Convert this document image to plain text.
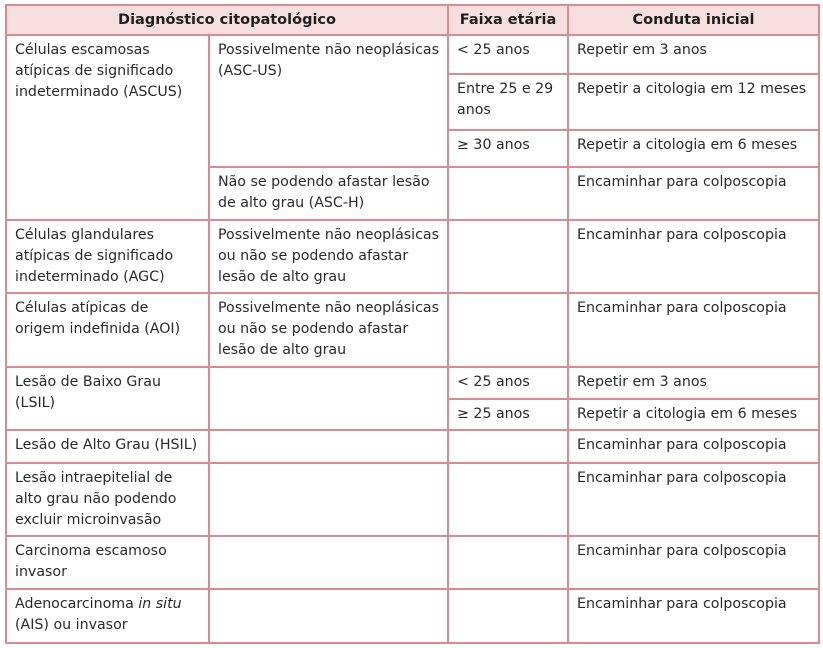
Diagnóstico citopatológico		Faixa etária	Conduta inicial
Células escamosas atípicas de significado indeterminado (ASCUS)	Possivelmente não neoplásicas (ASC-US)	< 25 anos	Repetir em 3 anos
		Entre 25 e 29 anos	Repetir a citologia em 12 meses
		≥ 30 anos	Repetir a citologia em 6 meses
	Não se podendo afastar lesão de alto grau (ASC-H)		Encaminhar para colposcopia
Células glandulares atípicas de significado indeterminado (AGC)	Possivelmente não neoplásicas ou não se podendo afastar lesão de alto grau		Encaminhar para colposcopia
Células atípicas de origem indefinida (AOI)	Possivelmente não neoplásicas ou não se podendo afastar lesão de alto grau		Encaminhar para colposcopia
Lesão de Baixo Grau (LSIL)		< 25 anos	Repetir em 3 anos
		≥ 25 anos	Repetir a citologia em 6 meses
Lesão de Alto Grau (HSIL)			Encaminhar para colposcopia
Lesão intraepitelial de alto grau não podendo excluir microinvasão			Encaminhar para colposcopia
Carcinoma escamoso invasor			Encaminhar para colposcopia
Adenocarcinoma in situ (AIS) ou invasor			Encaminhar para colposcopia
